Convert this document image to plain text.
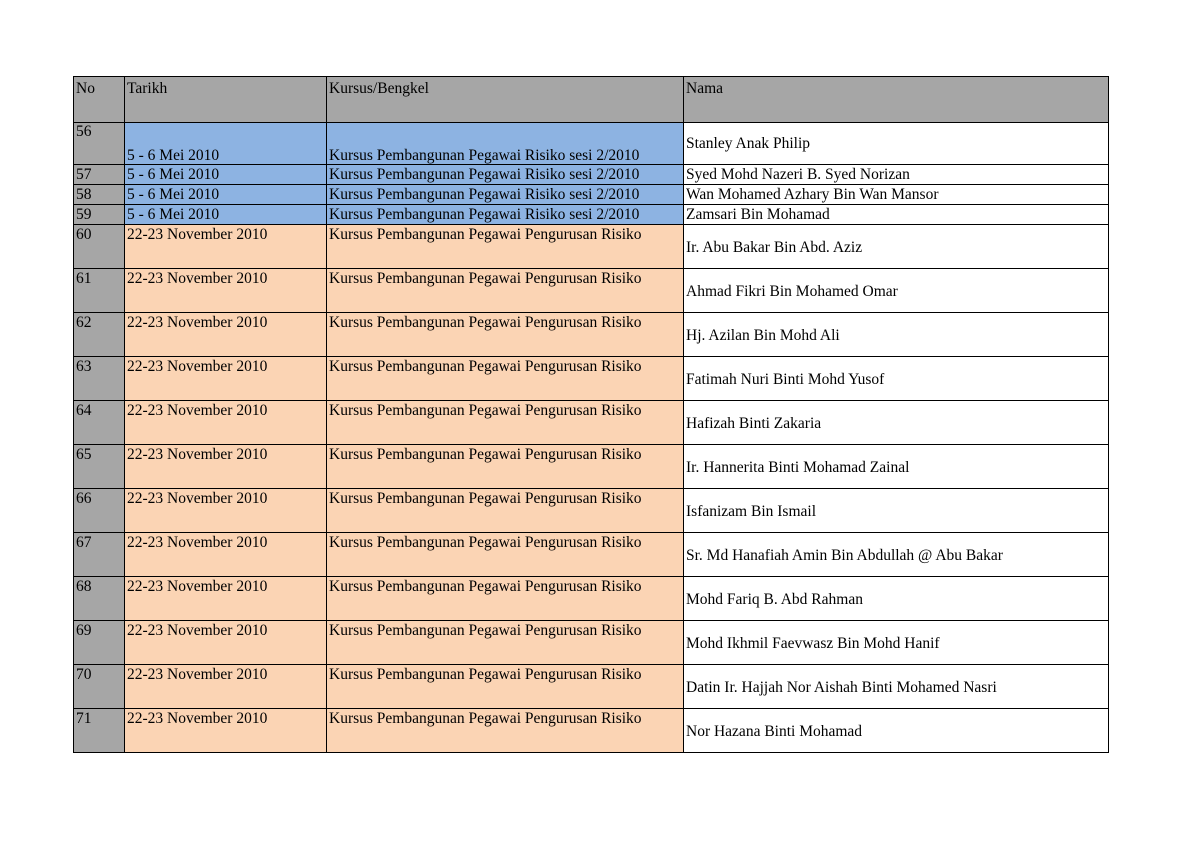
No	Tarikh	Kursus/Bengkel	Nama
56	5 - 6 Mei 2010	Kursus Pembangunan Pegawai Risiko sesi 2/2010	Stanley Anak Philip
57	5 - 6 Mei 2010	Kursus Pembangunan Pegawai Risiko sesi 2/2010	Syed Mohd Nazeri B. Syed Norizan
58	5 - 6 Mei 2010	Kursus Pembangunan Pegawai Risiko sesi 2/2010	Wan Mohamed Azhary Bin Wan Mansor
59	5 - 6 Mei 2010	Kursus Pembangunan Pegawai Risiko sesi 2/2010	Zamsari Bin Mohamad
60	22-23 November 2010	Kursus Pembangunan Pegawai Pengurusan Risiko	Ir. Abu Bakar Bin Abd. Aziz
61	22-23 November 2010	Kursus Pembangunan Pegawai Pengurusan Risiko	Ahmad Fikri Bin Mohamed Omar
62	22-23 November 2010	Kursus Pembangunan Pegawai Pengurusan Risiko	Hj. Azilan Bin Mohd Ali
63	22-23 November 2010	Kursus Pembangunan Pegawai Pengurusan Risiko	Fatimah Nuri Binti Mohd Yusof
64	22-23 November 2010	Kursus Pembangunan Pegawai Pengurusan Risiko	Hafizah Binti Zakaria
65	22-23 November 2010	Kursus Pembangunan Pegawai Pengurusan Risiko	Ir. Hannerita Binti Mohamad Zainal
66	22-23 November 2010	Kursus Pembangunan Pegawai Pengurusan Risiko	Isfanizam Bin Ismail
67	22-23 November 2010	Kursus Pembangunan Pegawai Pengurusan Risiko	Sr. Md Hanafiah Amin Bin Abdullah @ Abu Bakar
68	22-23 November 2010	Kursus Pembangunan Pegawai Pengurusan Risiko	Mohd Fariq B. Abd Rahman
69	22-23 November 2010	Kursus Pembangunan Pegawai Pengurusan Risiko	Mohd Ikhmil Faevwasz Bin Mohd Hanif
70	22-23 November 2010	Kursus Pembangunan Pegawai Pengurusan Risiko	Datin Ir. Hajjah Nor Aishah Binti Mohamed Nasri
71	22-23 November 2010	Kursus Pembangunan Pegawai Pengurusan Risiko	Nor Hazana Binti Mohamad
